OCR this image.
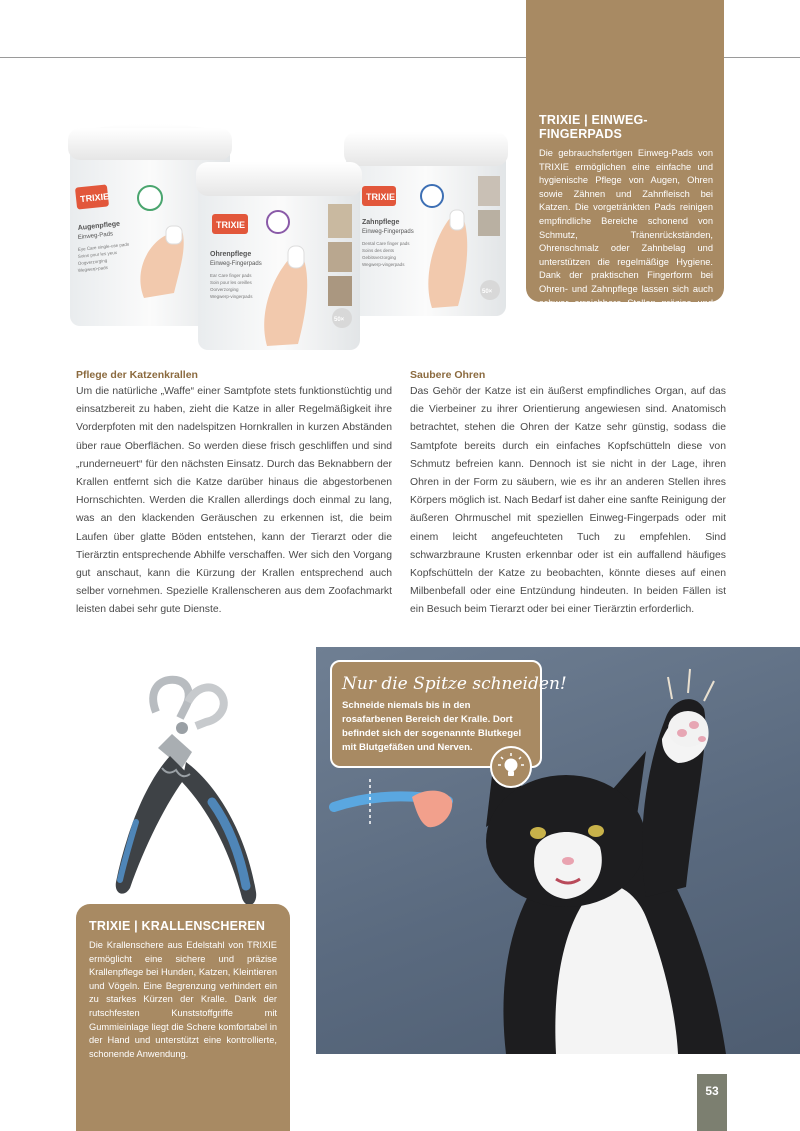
TRIXIE | EINWEG-FINGERPADS

Die gebrauchsfertigen Einweg-Pads von TRIXIE ermöglichen eine einfache und hygienische Pflege von Augen, Ohren sowie Zähnen und Zahnfleisch bei Katzen. Die vorgetränkten Pads reinigen empfindliche Bereiche schonend von Schmutz, Tränenrückständen, Ohrenschmalz oder Zahnbelag und unterstützen die regelmäßige Hygiene. Dank der praktischen Fingerform bei Ohren- und Zahnpflege lassen sich auch schwer erreichbare Stellen präzise und komfortabel reinigen.

TRIXIE
Augenpflege
Einweg-Pads
Eye Care single-use pads
Soins pour les yeux
Oogverzorging
Wegwerp-pads
TRIXIE
Zahnpflege
Einweg-Fingerpads
Dental Care finger pads
Soins des dents
Gebitsverzorging
Wegwerp-vingerpads
50×
TRIXIE
Ohrenpflege
Einweg-Fingerpads
Ear Care finger pads
Soin pour les oreilles
Oorverzorging
Wegwerp-vingerpads
50×
Pflege der Katzenkrallen

Um die natürliche „Waffe“ einer Samtpfote stets funktionstüchtig und einsatzbereit zu haben, zieht die Katze in aller Regelmäßigkeit ihre Vorderpfoten mit den nadelspitzen Hornkrallen in kurzen Abständen über raue Oberflächen. So werden diese frisch geschliffen und sind „runderneuert“ für den nächsten Einsatz. Durch das Beknabbern der Krallen entfernt sich die Katze darüber hinaus die abgestorbenen Hornschichten. Werden die Krallen allerdings doch einmal zu lang, was an den klackenden Geräuschen zu erkennen ist, die beim Laufen über glatte Böden entstehen, kann der Tierarzt oder die Tierärztin entsprechende Abhilfe verschaffen. Wer sich den Vorgang gut anschaut, kann die Kürzung der Krallen entsprechend auch selber vornehmen. Spezielle Krallenscheren aus dem Zoofachmarkt leisten dabei sehr gute Dienste.

Saubere Ohren

Das Gehör der Katze ist ein äußerst empfindliches Organ, auf das die Vierbeiner zu ihrer Orientierung angewiesen sind. Anatomisch betrachtet, stehen die Ohren der Katze sehr günstig, sodass die Samtpfote bereits durch ein einfaches Kopfschütteln diese von Schmutz befreien kann. Dennoch ist sie nicht in der Lage, ihren Ohren in der Form zu säubern, wie es ihr an anderen Stellen ihres Körpers möglich ist. Nach Bedarf ist daher eine sanfte Reinigung der äußeren Ohrmuschel mit speziellen Einweg-Fingerpads oder mit einem leicht angefeuchteten Tuch zu empfehlen. Sind schwarzbraune Krusten erkennbar oder ist ein auffallend häufiges Kopfschütteln der Katze zu beobachten, könnte dieses auf einen Milbenbefall oder eine Entzündung hindeuten. In beiden Fällen ist ein Besuch beim Tierarzt oder bei einer Tierärztin erforderlich.

TRIXIE | KRALLENSCHEREN

Die Krallenschere aus Edelstahl von TRIXIE ermöglicht eine sichere und präzise Krallenpflege bei Hunden, Katzen, Kleintieren und Vögeln. Eine Begrenzung verhindert ein zu starkes Kürzen der Kralle. Dank der rutschfesten Kunststoffgriffe mit Gummieinlage liegt die Schere komfortabel in der Hand und unterstützt eine kontrollierte, schonende Anwendung.

Nur die Spitze schneiden!

Schneide niemals bis in den rosafarbenen Bereich der Kralle. Dort befindet sich der sogenannte Blutkegel mit Blutgefäßen und Nerven.

53
